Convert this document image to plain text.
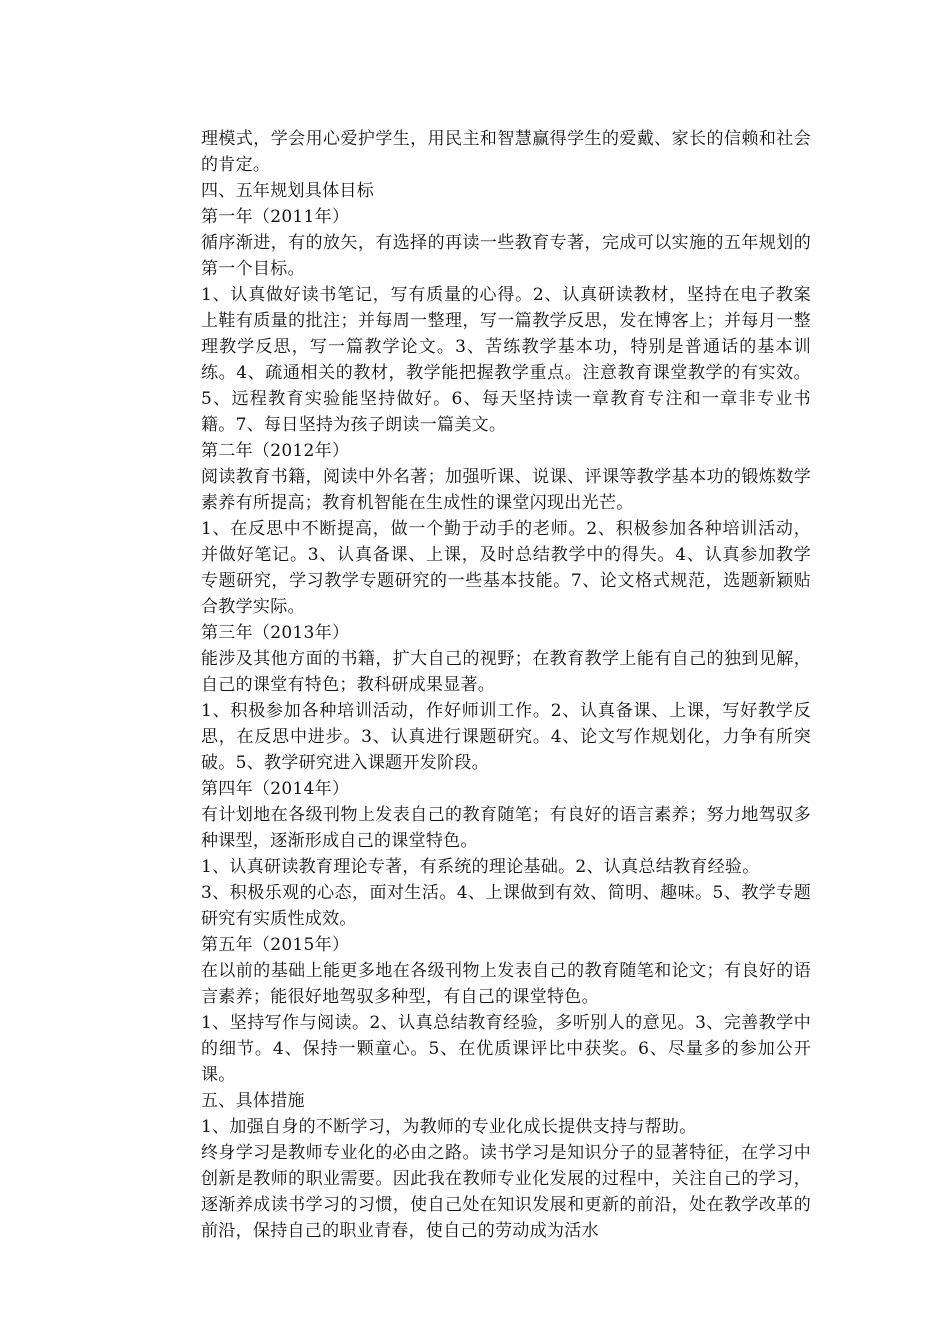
理模式，学会用心爱护学生，用民主和智慧赢得学生的爱戴、家长的信赖和社会的肯定。

四、五年规划具体目标

第一年（2011年）

循序渐进，有的放矢，有选择的再读一些教育专著，完成可以实施的五年规划的第一个目标。

1、认真做好读书笔记，写有质量的心得。2、认真研读教材，坚持在电子教案上鞋有质量的批注；并每周一整理，写一篇教学反思，发在博客上；并每月一整理教学反思，写一篇教学论文。3、苦练教学基本功，特别是普通话的基本训练。4、疏通相关的教材，教学能把握教学重点。注意教育课堂教学的有实效。5、远程教育实验能坚持做好。6、每天坚持读一章教育专注和一章非专业书籍。7、每日坚持为孩子朗读一篇美文。

第二年（2012年）

阅读教育书籍，阅读中外名著；加强听课、说课、评课等教学基本功的锻炼数学素养有所提高；教育机智能在生成性的课堂闪现出光芒。

1、在反思中不断提高，做一个勤于动手的老师。2、积极参加各种培训活动，并做好笔记。3、认真备课、上课，及时总结教学中的得失。4、认真参加教学专题研究，学习教学专题研究的一些基本技能。7、论文格式规范，选题新颖贴合教学实际。

第三年（2013年）

能涉及其他方面的书籍，扩大自己的视野；在教育教学上能有自己的独到见解，自己的课堂有特色；教科研成果显著。

1、积极参加各种培训活动，作好师训工作。2、认真备课、上课，写好教学反思，在反思中进步。3、认真进行课题研究。4、论文写作规划化，力争有所突破。5、教学研究进入课题开发阶段。

第四年（2014年）

有计划地在各级刊物上发表自己的教育随笔；有良好的语言素养；努力地驾驭多种课型，逐渐形成自己的课堂特色。

1、认真研读教育理论专著，有系统的理论基础。2、认真总结教育经验。

3、积极乐观的心态，面对生活。4、上课做到有效、简明、趣味。5、教学专题研究有实质性成效。

第五年（2015年）

在以前的基础上能更多地在各级刊物上发表自己的教育随笔和论文；有良好的语言素养；能很好地驾驭多种型，有自己的课堂特色。

1、坚持写作与阅读。2、认真总结教育经验，多听别人的意见。3、完善教学中的细节。4、保持一颗童心。5、在优质课评比中获奖。6、尽量多的参加公开课。

五、具体措施

1、加强自身的不断学习，为教师的专业化成长提供支持与帮助。

终身学习是教师专业化的必由之路。读书学习是知识分子的显著特征，在学习中创新是教师的职业需要。因此我在教师专业化发展的过程中，关注自己的学习，逐渐养成读书学习的习惯，使自己处在知识发展和更新的前沿，处在教学改革的前沿，保持自己的职业青春，使自己的劳动成为活水
